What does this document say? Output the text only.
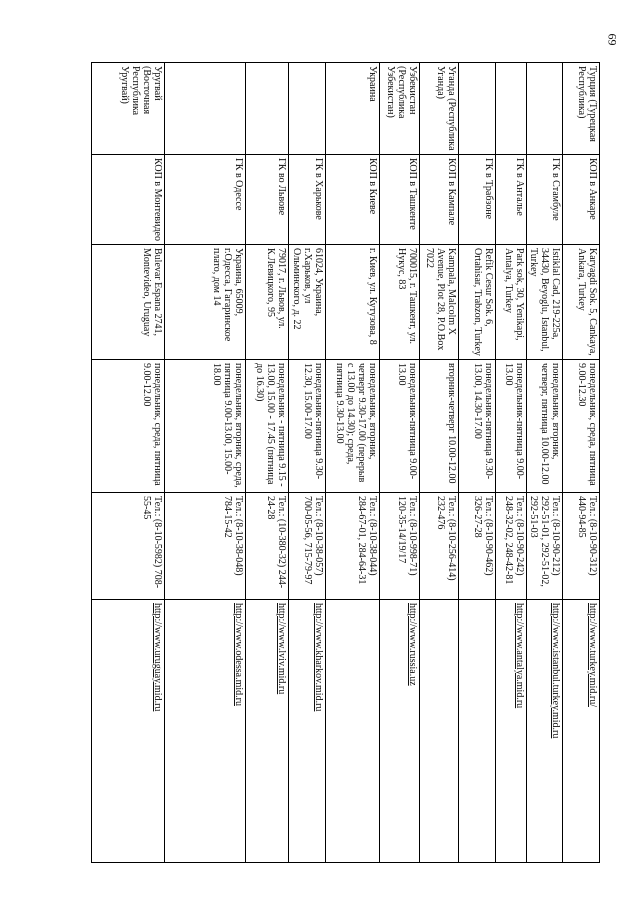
69
Турция (Турецкая Республика)	КОП в Анкаре	Karyagdi Sok. 5, Cankaya, Ankara, Turkey	понедельник, среда, пятница 9.00-12.30	Тел.: (8-10-90-312) 440-94-85	http://www.turkey.mid.ru/
	ГК в Стамбуле	Istiklal Cad, 219-225a, 34430, Beyoglu, Istanbul, Turkey	понедельник, вторник, четверг, пятница 10.00-12.00	Тел.: (8-10-90-212) 292-51-01, 292-51-02, 292-51-03	http://www.istanbul.turkey.mid.ru
	ГК в Анталье	Park sok, 30, Yenikapi, Antalya, Turkey	понедельник-пятница 9.00-13.00	Тел.: (8-10-90-242) 248-32-02, 248-42-81	http://www.antalya.mid.ru
	ГК в Трабзоне	Refik Cesur Sok. 6, Ortahisar, Trabzon, Turkey	понедельник-пятница 9.30-13.00, 14.30-17.00	Тел.: (8-10-90-462) 326-27-28	
Уганда (Республика Уганда)	КОП в Кампале	Kampala, Malcolm X Avenue, Plot 28, P.O.Box 7022	вторник-четверг 10.00-12.00	Тел.: (8-10-256-414) 232-476	
Узбекистан (Республика Узбекистан)	КОП в Ташкенте	700015, г. Ташкент, ул. Нукус, 83	понедельник-пятница 9.00-13.00	Тел.: (8-10-998-71) 120-35-14/19/17	http://www.russia.uz
Украина	КОП в Киеве	г. Киев, ул. Кутузова, 8	понедельник, вторник, четверг 9.30-17.00 (перерыв с 13.00 до 14.30); среда, пятница 9.30-13.00	Тел.: (8-10-38-044) 284-67-01, 284-64-31	
	ГК в Харькове	61024, Украина, г.Харьков, ул Ольминского, д. 22	понедельник-пятница 9.30-12.30, 15.00-17.00	Тел.: (8-10-38-057) 700-05-56, 715-79-97	http://www.kharkov.mid.ru
	ГК во Львове	79017, г. Львов, ул. К.Левицкого, 95	понедельник - пятница 9.15 - 13.00, 15.00 - 17.45 (пятница до 16.30)	Тел.: (10-380-32) 244-24-28	http://www.lviv.mid.ru
	ГК в Одессе	Украина, 65009, г.Одесса, Гагаринское плато, дом 14	понедельник, вторник, среда, пятница 9.00-13.00, 15.00-18.00	Тел.: (8-10-38-048) 784-15-42	http://www.odessa.mid.ru
Уругвай (Восточная Республика Уругвай)	КОП в Монтевидео	Bulevar Espana 2741, Montevideo, Uruguay	понедельник, среда, пятница 9.00-12.00	Тел.: (8-10-5982) 708-55-45	http://www.uruguay.mid.ru
